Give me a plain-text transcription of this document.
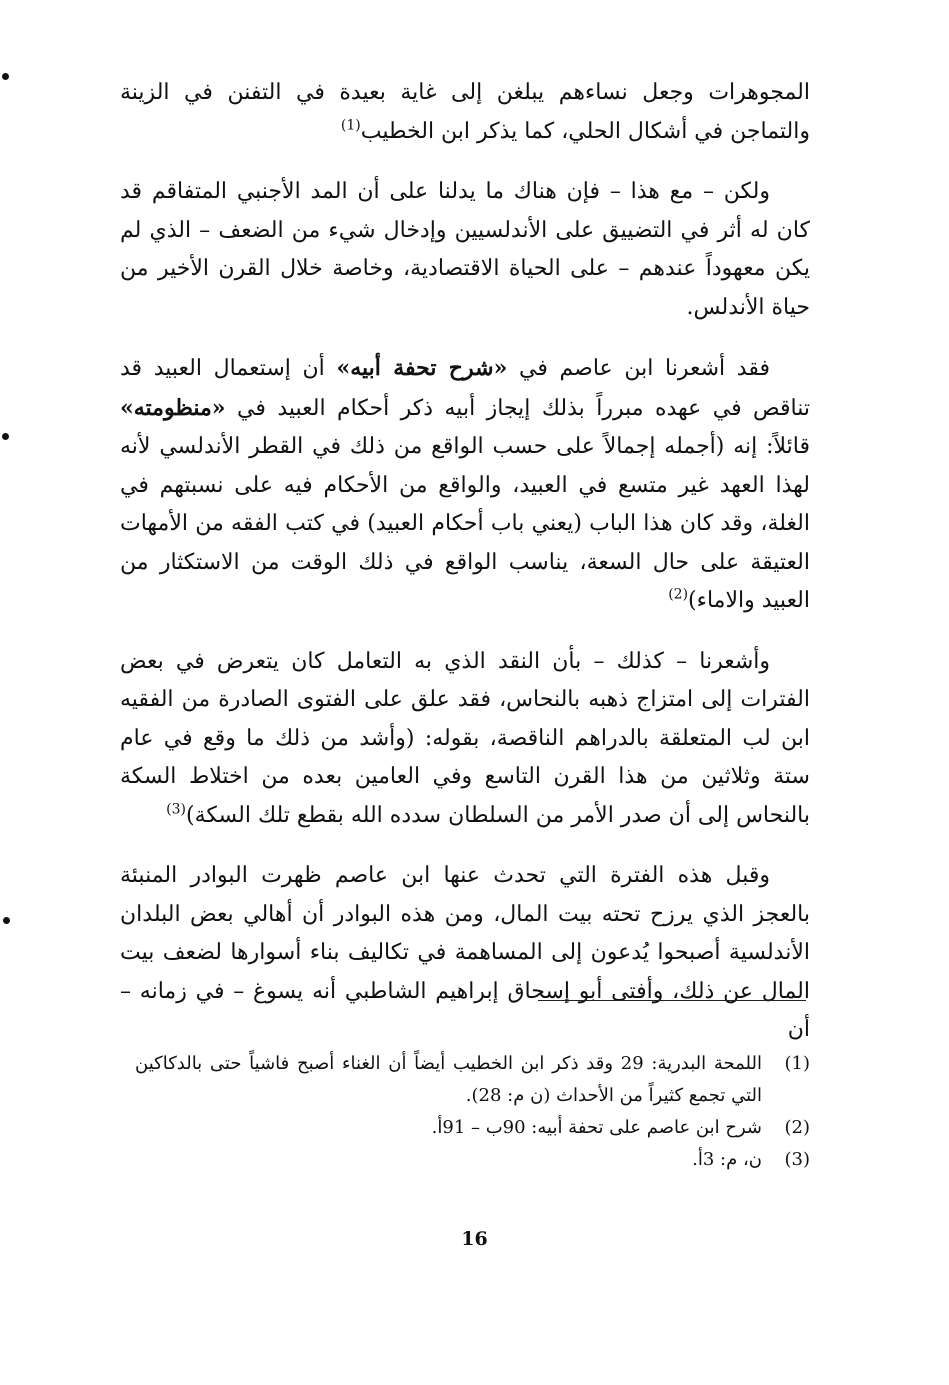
المجوهرات وجعل نساءهم يبلغن إلى غاية بعيدة في التفنن في الزينة والتماجن في أشكال الحلي، كما يذكر ابن الخطيب$^{(1)}$

ولكن – مع هذا – فإن هناك ما يدلنا على أن المد الأجنبي المتفاقم قد كان له أثر في التضييق على الأندلسيين وإدخال شيء من الضعف – الذي لم يكن معهوداً عندهم – على الحياة الاقتصادية، وخاصة خلال القرن الأخير من حياة الأندلس.

فقد أشعرنا ابن عاصم في «شرح تحفة أبيه» أن إستعمال العبيد قد تناقص في عهده مبرراً بذلك إيجاز أبيه ذكر أحكام العبيد في «منظومته» قائلاً: إنه (أجمله إجمالاً على حسب الواقع من ذلك في القطر الأندلسي لأنه لهذا العهد غير متسع في العبيد، والواقع من الأحكام فيه على نسبتهم في الغلة، وقد كان هذا الباب (يعني باب أحكام العبيد) في كتب الفقه من الأمهات العتيقة على حال السعة، يناسب الواقع في ذلك الوقت من الاستكثار من العبيد والاماء)$^{(2)}$

وأشعرنا – كذلك – بأن النقد الذي به التعامل كان يتعرض في بعض الفترات إلى امتزاج ذهبه بالنحاس، فقد علق على الفتوى الصادرة من الفقيه ابن لب المتعلقة بالدراهم الناقصة، بقوله: (وأشد من ذلك ما وقع في عام ستة وثلاثين من هذا القرن التاسع وفي العامين بعده من اختلاط السكة بالنحاس إلى أن صدر الأمر من السلطان سدده الله بقطع تلك السكة)$^{(3)}$

وقبل هذه الفترة التي تحدث عنها ابن عاصم ظهرت البوادر المنبئة بالعجز الذي يرزح تحته بيت المال، ومن هذه البوادر أن أهالي بعض البلدان الأندلسية أصبحوا يُدعون إلى المساهمة في تكاليف بناء أسوارها لضعف بيت المال عن ذلك، وأفتى أبو إسحاق إبراهيم الشاطبي أنه يسوغ – في زمانه – أن

(1)
اللمحة البدرية: 29 وقد ذكر ابن الخطيب أيضاً أن الغناء أصبح فاشياً حتى بالدكاكين التي تجمع كثيراً من الأحداث (ن م: 28).
(2)
شرح ابن عاصم على تحفة أبيه: 90ب – 91أ.
(3)
ن، م: 3أ.
16
